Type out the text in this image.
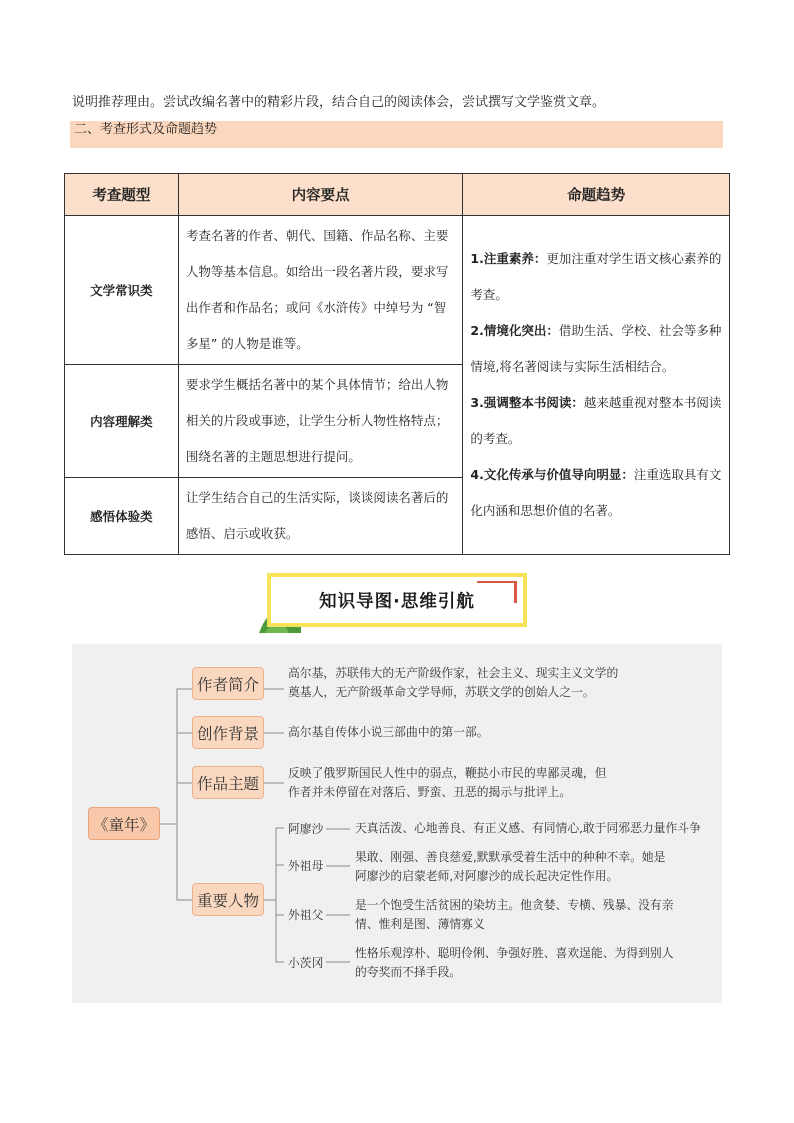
说明推荐理由。尝试改编名著中的精彩片段，结合自己的阅读体会，尝试撰写文学鉴赏文章。
二、考查形式及命题趋势
考查题型	内容要点	命题趋势
文学常识类	考查名著的作者、朝代、国籍、作品名称、主要人物等基本信息。如给出一段名著片段，要求写出作者和作品名；或问《水浒传》中绰号为 “智多星” 的人物是谁等。	1.注重素养：更加注重对学生语文核心素养的考查。
2.情境化突出：借助生活、学校、社会等多种情境,将名著阅读与实际生活相结合。
3.强调整本书阅读：越来越重视对整本书阅读的考查。
4.文化传承与价值导向明显：注重选取具有文化内涵和思想价值的名著。

内容理解类	要求学生概括名著中的某个具体情节；给出人物相关的片段或事迹，让学生分析人物性格特点；围绕名著的主题思想进行提问。	
感悟体验类	让学生结合自己的生活实际，谈谈阅读名著后的感悟、启示或收获。	
知识导图·思维引航
《童年》
作者简介
高尔基，苏联伟大的无产阶级作家，社会主义、现实主义文学的奠基人，无产阶级革命文学导师，苏联文学的创始人之一。
创作背景	高尔基自传体小说三部曲中的第一部。
作品主题
反映了俄罗斯国民人性中的弱点，鞭挞小市民的卑鄙灵魂，但作者并未停留在对落后、野蛮、丑恶的揭示与批评上。
重要人物
阿廖沙	天真活泼、心地善良、有正义感、有同情心,敢于同邪恶力量作斗争
外祖母
果敢、刚强、善良慈爱,默默承受着生活中的种种不幸。她是阿廖沙的启蒙老师,对阿廖沙的成长起决定性作用。
外祖父
是一个饱受生活贫困的染坊主。他贪婪、专横、残暴、没有亲情、惟利是图、薄情寡义
小茨冈
性格乐观淳朴、聪明伶俐、争强好胜、喜欢逞能、为得到别人的夸奖而不择手段。
